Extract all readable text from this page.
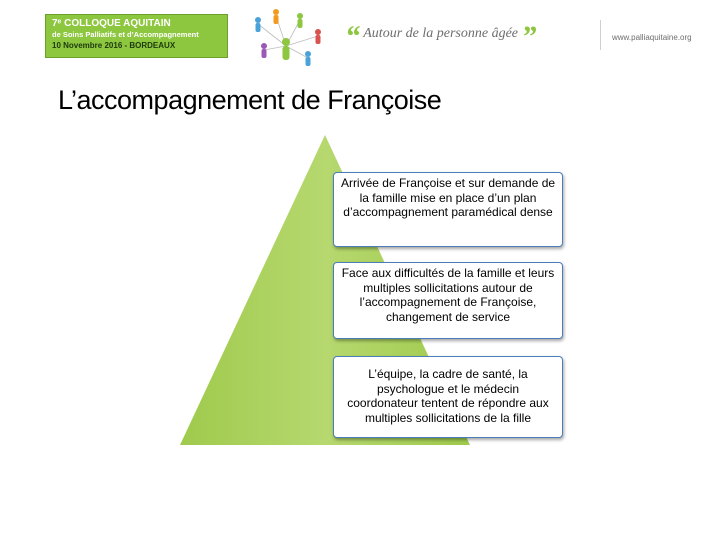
7ᵉ COLLOQUE AQUITAIN
de Soins Palliatifs et d’Accompagnement
10 Novembre 2016 - BORDEAUX	“ Autour de la personne âgée ”	www.palliaquitaine.org
L’accompagnement de Françoise
Arrivée de Françoise et sur demande de la famille mise en place d’un plan d’accompagnement paramédical dense
Face aux difficultés de la famille et leurs multiples sollicitations autour de l’accompagnement de Françoise, changement de service
L’équipe, la cadre de santé, la psychologue et le médecin coordonateur tentent de répondre aux multiples sollicitations de la fille
